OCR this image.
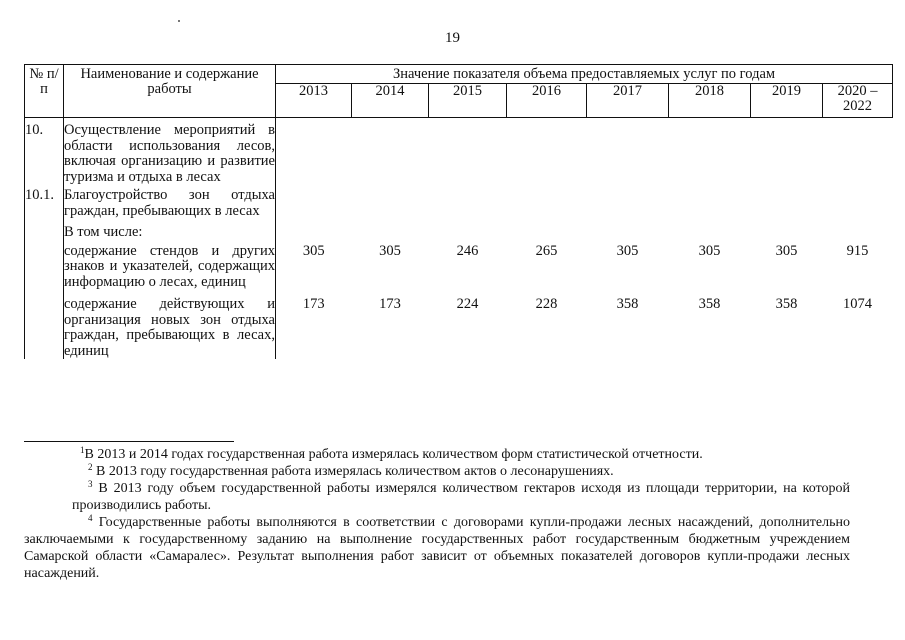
19
№ п/п	Наименование и содержание работы	Значение показателя объема предоставляемых услуг по годам							
		2013	2014	2015	2016	2017	2018	2019	2020 – 2022
10.	Осуществление мероприятий в области использования лесов, включая организацию и развитие туризма и отдыха в лесах								
10.1.	Благоустройство зон отдыха граждан, пребывающих в лесах								
	В том числе:								
	содержание стендов и других знаков и указателей, содержащих информацию о лесах, единиц	305	305	246	265	305	305	305	915
	содержание действующих и организация новых зон отдыха граждан, пребывающих в лесах, единиц	173	173	224	228	358	358	358	1074

$^1$В 2013 и 2014 годах государственная работа измерялась количеством форм статистической отчетности.

$^2$ В 2013 году государственная работа измерялась количеством актов о лесонарушениях.

$^3$ В 2013 году объем государственной работы измерялся количеством гектаров исходя из площади территории, на которой производились работы.

$^4$ Государственные работы выполняются в соответствии с договорами купли-продажи лесных насаждений, дополнительно заключаемыми к государственному заданию на выполнение государственных работ государственным бюджетным учреждением Самарской области «Самаралес». Результат выполнения работ зависит от объемных показателей договоров купли-продажи лесных насаждений.
